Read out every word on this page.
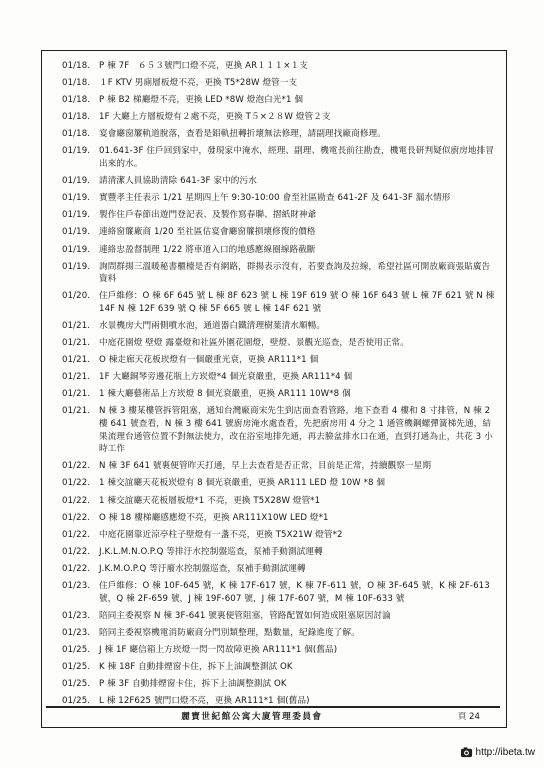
01/18.	P 棟 7F　６５３號門口燈不亮，更換 AR１１１×１支
01/18.	１F KTV 男廁層板燈不亮，更換 T5*28W 燈管一支
01/18.	P 棟 B2 梯廳燈不亮，更換 LED *8W 燈泡白光*1 個
01/18.	1F 大廳上方層板燈有２處不亮，更換 T５×２８W 燈管２支
01/18.	宴會廳窗簾軌道脫落，查看是鋁軌扭轉折壞無法修理，請副理找廠商修理。
01/19.	01.641-3F 住戶回到家中，發現家中淹水，經理、副理、機電長前往勘查，機電長研判疑似廚房地排冒出來的水。
01/19.	請清潔人員協助清除 641-3F 家中的污水
01/19.	實豐孝主任表示 1/21 星期四上午 9:30-10:00 會至社區勘查 641-2F 及 641-3F 漏水情形
01/19.	製作住戶春節出遊門登記表、及製作寫春聯、摺紙財神爺
01/19.	連絡窗簾廠商 1/20 至社區估宴會廳窗簾損壞修復的價格
01/19.	連絡忠盈督制理 1/22 將車道入口的地感應線圈線路截斷
01/19.	詢問群揚三溫暖秘書櫃檯是否有網路，群揚表示沒有，若要查詢及拉線，希望社區可開放廠商張貼廣告資料
01/20.	住戶維修：O 棟 6F 645 號 L 棟 8F 623 號 L 棟 19F 619 號 O 棟 16F 643 號 L 棟 7F 621 號 N 棟 14F N 棟 12F 639 號 Q 棟 5F 665 號 L 棟 14F 621 號
01/21.	水景機房大門兩側噴水泡，通道器白鐵清理樹葉清水順暢。
01/21.	中庭花園燈 壁燈 露臺燈和社區外圍花園燈，壁燈、景觀光巡查，是否使用正常。
01/21.	O 棟走廊天花板崁燈有一個嚴重光衰，更換 AR111*1 個
01/21.	1F 大廳銅琴旁邊花瓶上方崁燈*4 個光衰嚴重，更換 AR111*4 個
01/21.	1 棟大廳藝術品上方崁燈 8 個光衰嚴重，更換 AR111 10W*8 個
01/21.	N 棟 3 樓某樓管拆管阻塞，通知台灣廠商宋先生到店面查看管路，地下查看 4 樓和 8 寸排管，N 棟 2 樓 641 號查看，N 棟 3 樓 641 號廚房淹水處查看，先把廚房用 4 分之 1 通管機鋼螺彈簧梯先通，結果流理台通管位置不對無法使力，改在浴室地排先通，再去臉盆排水口在通，直到打通為止，共花 3 小時工作
01/22.	N 棟 3F 641 號裏便管昨天打通，早上去查看是否正常，目前是正常，持續觀察一星期
01/22.	1 棟交誼廳天花板崁燈有 8 個光衰嚴重，更換 AR111 LED 燈 10W *8 個
01/22.	1 棟交誼廳天花板層板燈*1 不亮，更換 T5X28W 燈管*1
01/22.	O 棟 18 樓梯廳感應燈不亮，更換 AR111X10W LED 燈*1
01/22.	中庭花園靠近涼亭柱子壁燈有一盞不亮，更換 T5X21W 燈管*2
01/22.	J.K.L.M.N.O.P.Q 等排汙水控制盤巡查，泵補手動測試運轉
01/22.	J.K.M.O.P.Q 等汙廢水控制盤巡查，泵補手動測試運轉
01/23.	住戶維修：O 棟 10F-645 號，K 棟 17F-617 號，K 棟 7F-611 號，O 棟 3F-645 號，K 棟 2F-613 號，Q 棟 2F-659 號，J 棟 19F-607 號，J 棟 17F-607 號，M 棟 10F-633 號
01/23.	陪同主委視察 N 棟 3F-641 號裏便管阻塞，管路配置如何造成阻塞原因討論
01/23.	陪同主委視察機電消防廠商分門別類整理，點數量，紀錄進度了解。
01/25.	J 棟 1F 廳信箱上方崁燈一閃一閃故障更換 AR111*1 個(舊品)
01/25.	K 棟 18F 自動排煙窗卡住，拆下上油調整測試 OK
01/25.	P 棟 3F 自動排煙窗卡住，拆下上油調整測試 OK
01/25.	L 棟 12F625 號門口燈不亮，更換 AR111*1 個(舊品)
麗寶世紀館公寓大廈管理委員會	頁 24
http://ibeta.tw
